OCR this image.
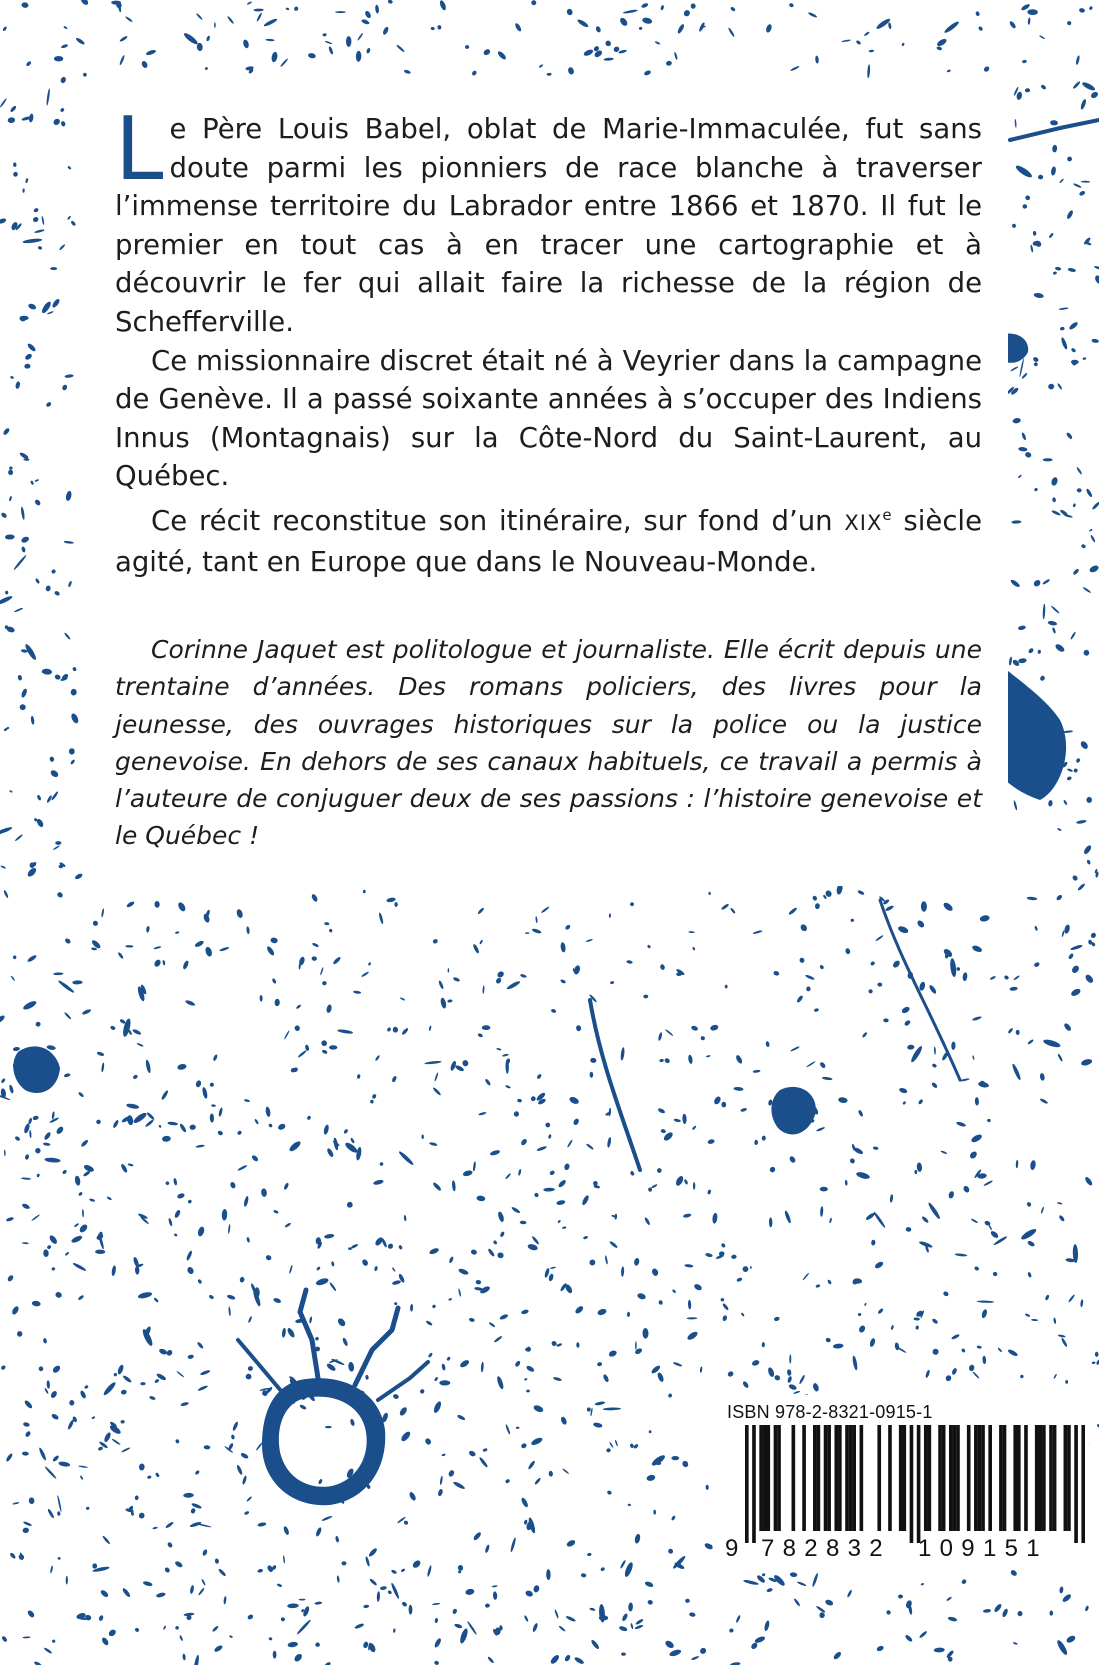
Le Père Louis Babel, oblat de Marie-Immaculée, fut sans doute parmi les pionniers de race blanche à traverser l’immense territoire du Labrador entre 1866 et 1870. Il fut le premier en tout cas à en tracer une cartographie et à découvrir le fer qui allait faire la richesse de la région de Schefferville.

Ce missionnaire discret était né à Veyrier dans la campagne de Genève. Il a passé soixante années à s’occuper des Indiens Innus (Montagnais) sur la Côte-Nord du Saint-Laurent, au Québec.

Ce récit reconstitue son itinéraire, sur fond d’un XIXe siècle agité, tant en Europe que dans le Nouveau-Monde.

Corinne Jaquet est politologue et journaliste. Elle écrit depuis une trentaine d’années. Des romans policiers, des livres pour la jeunesse, des ouvrages historiques sur la police ou la justice genevoise. En dehors de ses canaux habituels, ce travail a permis à l’auteure de conjuguer deux de ses passions : l’histoire genevoise et le Québec !

ISBN 978-2-8321-0915-1
9 782832 109151
